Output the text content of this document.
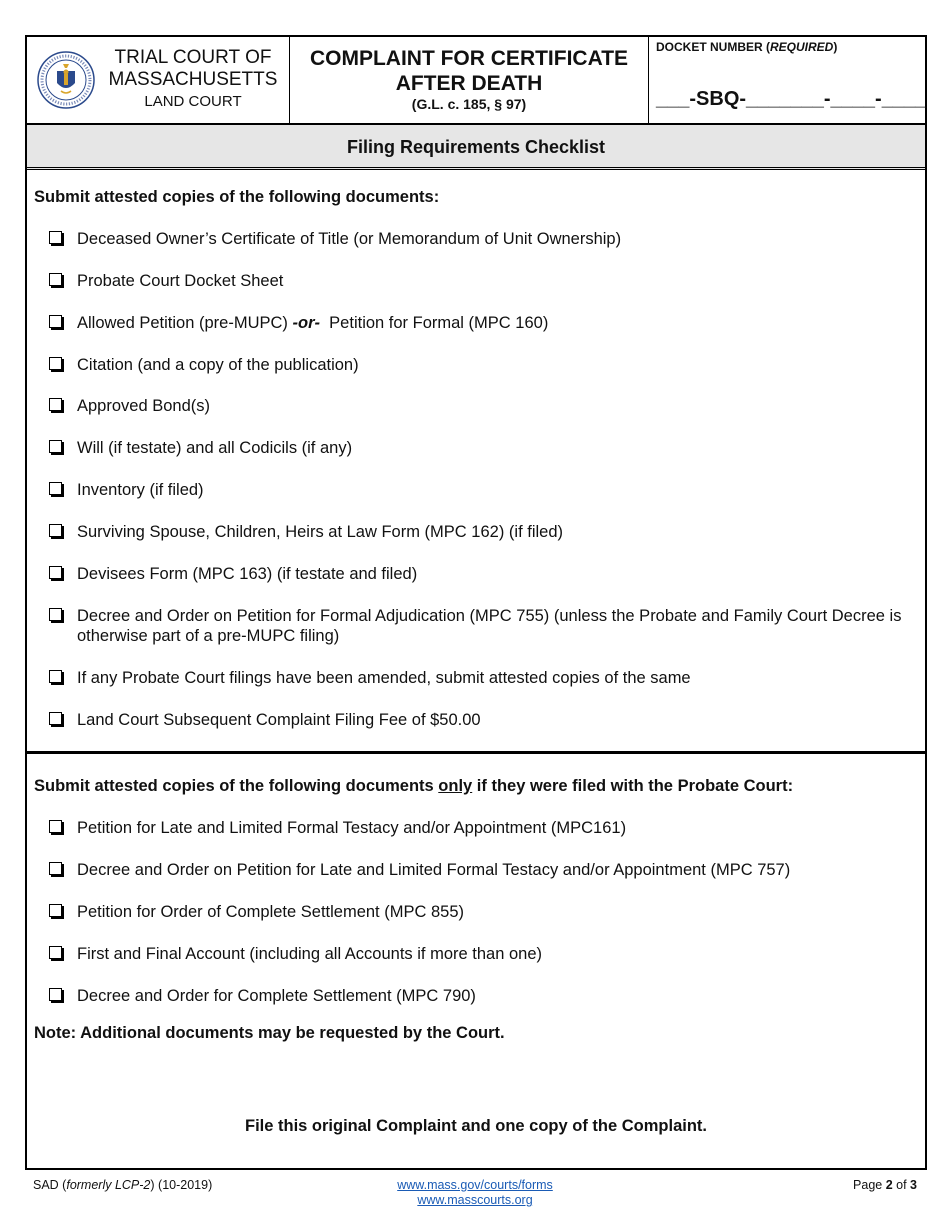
TRIAL COURT OF MASSACHUSETTS
LAND COURT
COMPLAINT FOR CERTIFICATE AFTER DEATH
(G.L. c. 185, § 97)
DOCKET NUMBER (REQUIRED)
___-SBQ-_______-____-____
Filing Requirements Checklist
Submit attested copies of the following documents:
Deceased Owner’s Certificate of Title (or Memorandum of Unit Ownership)
Probate Court Docket Sheet
Allowed Petition (pre-MUPC) -or- Petition for Formal (MPC 160)
Citation (and a copy of the publication)
Approved Bond(s)
Will (if testate) and all Codicils (if any)
Inventory (if filed)
Surviving Spouse, Children, Heirs at Law Form (MPC 162) (if filed)
Devisees Form (MPC 163) (if testate and filed)
Decree and Order on Petition for Formal Adjudication (MPC 755) (unless the Probate and Family Court Decree is otherwise part of a pre-MUPC filing)
If any Probate Court filings have been amended, submit attested copies of the same
Land Court Subsequent Complaint Filing Fee of $50.00
Submit attested copies of the following documents only if they were filed with the Probate Court:
Petition for Late and Limited Formal Testacy and/or Appointment (MPC161)
Decree and Order on Petition for Late and Limited Formal Testacy and/or Appointment (MPC 757)
Petition for Order of Complete Settlement (MPC 855)
First and Final Account (including all Accounts if more than one)
Decree and Order for Complete Settlement (MPC 790)
Note: Additional documents may be requested by the Court.
File this original Complaint and one copy of the Complaint.
SAD (formerly LCP-2) (10-2019)	www.mass.gov/courts/forms
www.masscourts.org
Page 2 of 3
